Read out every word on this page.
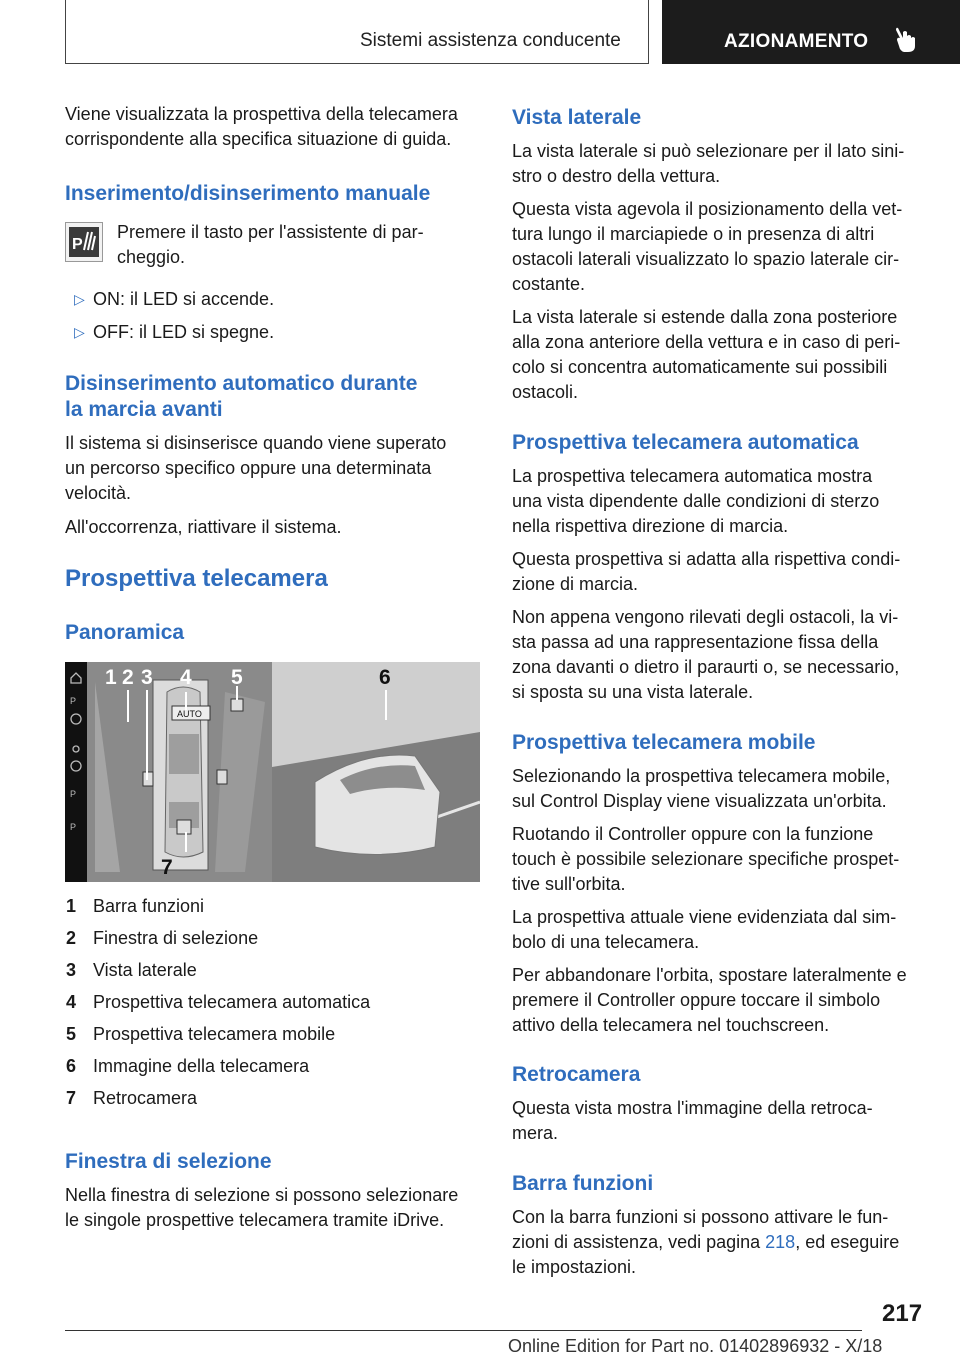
Sistemi assistenza conducente	AZIONAMENTO

Viene visualizzata la prospettiva della telecamera

corrispondente alla specifica situazione di guida.

Inserimento/disinserimento manuale

P

Premere il tasto per l'assistente di par-

cheggio.

▷ ON: il LED si accende.

▷ OFF: il LED si spegne.

Disinserimento automatico durante

la marcia avanti

Il sistema si disinserisce quando viene superato

un percorso specifico oppure una determinata

velocità.

All'occorrenza, riattivare il sistema.

Prospettiva telecamera

Panoramica

P
P
P
AUTO
1 2 3 4 5	6
7
1 Barra funzioni
2 Finestra di selezione
3 Vista laterale
4 Prospettiva telecamera automatica
5 Prospettiva telecamera mobile
6 Immagine della telecamera
7 Retrocamera

Finestra di selezione

Nella finestra di selezione si possono selezionare

le singole prospettive telecamera tramite iDrive.

Vista laterale

La vista laterale si può selezionare per il lato sini-

stro o destro della vettura.

Questa vista agevola il posizionamento della vet-

tura lungo il marciapiede o in presenza di altri

ostacoli laterali visualizzato lo spazio laterale cir-

costante.

La vista laterale si estende dalla zona posteriore

alla zona anteriore della vettura e in caso di peri-

colo si concentra automaticamente sui possibili

ostacoli.

Prospettiva telecamera automatica

La prospettiva telecamera automatica mostra

una vista dipendente dalle condizioni di sterzo

nella rispettiva direzione di marcia.

Questa prospettiva si adatta alla rispettiva condi-

zione di marcia.

Non appena vengono rilevati degli ostacoli, la vi-

sta passa ad una rappresentazione fissa della

zona davanti o dietro il paraurti o, se necessario,

si sposta su una vista laterale.

Prospettiva telecamera mobile

Selezionando la prospettiva telecamera mobile,

sul Control Display viene visualizzata un'orbita.

Ruotando il Controller oppure con la funzione

touch è possibile selezionare specifiche prospet-

tive sull'orbita.

La prospettiva attuale viene evidenziata dal sim-

bolo di una telecamera.

Per abbandonare l'orbita, spostare lateralmente e

premere il Controller oppure toccare il simbolo

attivo della telecamera nel touchscreen.

Retrocamera

Questa vista mostra l'immagine della retroca-

mera.

Barra funzioni

Con la barra funzioni si possono attivare le fun-

zioni di assistenza, vedi pagina 218, ed eseguire

le impostazioni.

217
Online Edition for Part no. 01402896932 - X/18
